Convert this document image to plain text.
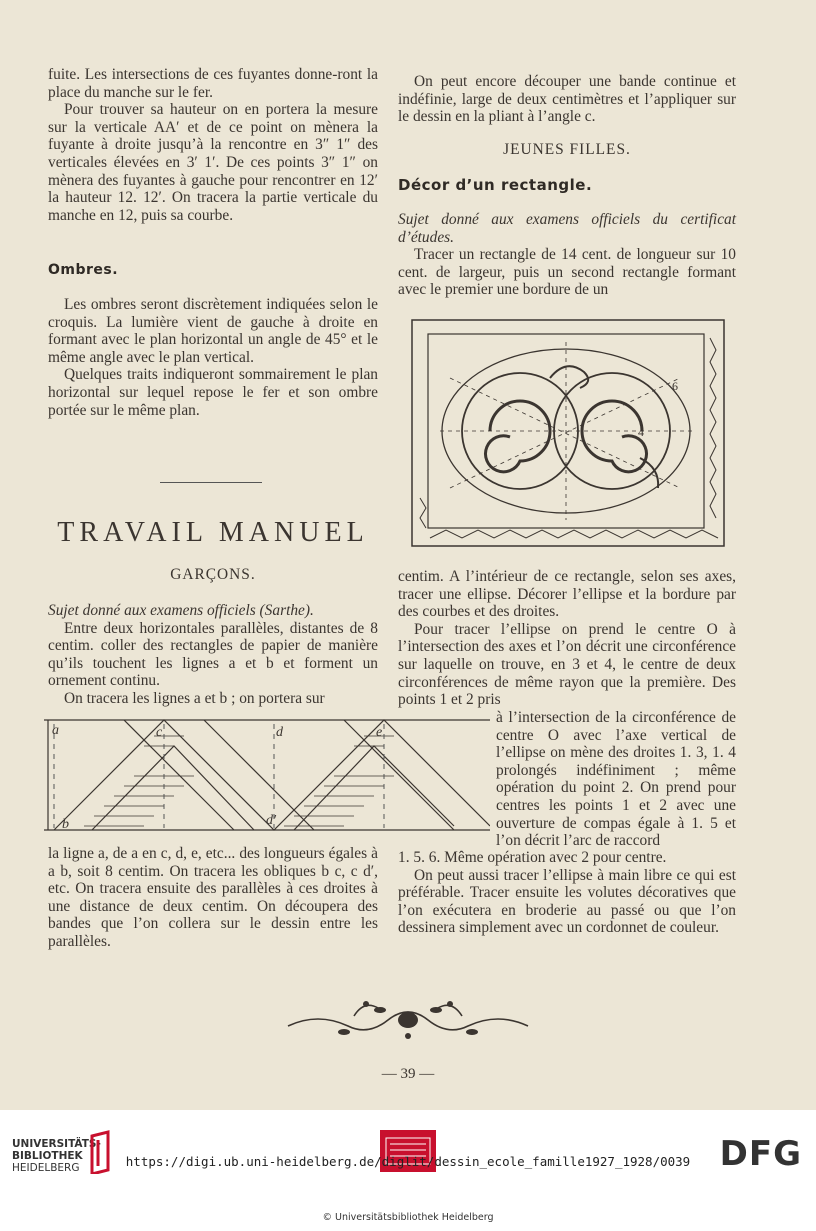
fuite. Les intersections de ces fuyantes donne-ront la place du manche sur le fer.

Pour trouver sa hauteur on en portera la mesure sur la verticale AA′ et de ce point on mènera la fuyante à droite jusqu’à la rencontre en 3″ 1″ des verticales élevées en 3′ 1′. De ces points 3″ 1″ on mènera des fuyantes à gauche pour rencontrer en 12′ la hauteur 12. 12′. On tracera la partie verticale du manche en 12, puis sa courbe.

Ombres.

Les ombres seront discrètement indiquées selon le croquis. La lumière vient de gauche à droite en formant avec le plan horizontal un angle de 45° et le même angle avec le plan vertical.

Quelques traits indiqueront sommairement le plan horizontal sur lequel repose le fer et son ombre portée sur le même plan.

TRAVAIL MANUEL
GARÇONS.

Sujet donné aux examens officiels (Sarthe).

Entre deux horizontales parallèles, distantes de 8 centim. coller des rectangles de papier de manière qu’ils touchent les lignes a et b et forment un ornement continu.

On tracera les lignes a et b ; on portera sur

a
b
c	d	e
d′

la ligne a, de a en c, d, e, etc... des longueurs égales à a b, soit 8 centim. On tracera les obliques b c, c d′, etc. On tracera ensuite des parallèles à ces droites à une distance de deux centim. On découpera des bandes que l’on collera sur le dessin entre les parallèles.

On peut encore découper une bande continue et indéfinie, large de deux centimètres et l’appliquer sur le dessin en la pliant à l’angle c.

JEUNES FILLES.
Décor d’un rectangle.

Sujet donné aux examens officiels du certificat d’études.

Tracer un rectangle de 14 cent. de longueur sur 10 cent. de largeur, puis un second rectangle formant avec le premier une bordure de un

6
4

centim. A l’intérieur de ce rectangle, selon ses axes, tracer une ellipse. Décorer l’ellipse et la bordure par des courbes et des droites.

Pour tracer l’ellipse on prend le centre O à l’intersection des axes et l’on décrit une circonférence sur laquelle on trouve, en 3 et 4, le centre de deux circonférences de même rayon que la première. Des points 1 et 2 pris

à l’intersection de la circonférence de centre O avec l’axe vertical de l’ellipse on mène des droites 1. 3, 1. 4 prolongés indéfiniment ; même opération du point 2. On prend pour centres les points 1 et 2 avec une ouverture de compas égale à 1. 5 et l’on décrit l’arc de raccord

1. 5. 6. Même opération avec 2 pour centre.

On peut aussi tracer l’ellipse à main libre ce qui est préférable. Tracer ensuite les volutes décoratives que l’on exécutera en broderie au passé ou que l’on dessinera simplement avec un cordonnet de couleur.

— 39 —
UNIVERSITÄTS-
BIBLIOTHEK
HEIDELBERG	DFG
https://digi.ub.uni-heidelberg.de/diglit/dessin_ecole_famille1927_1928/0039
© Universitätsbibliothek Heidelberg
